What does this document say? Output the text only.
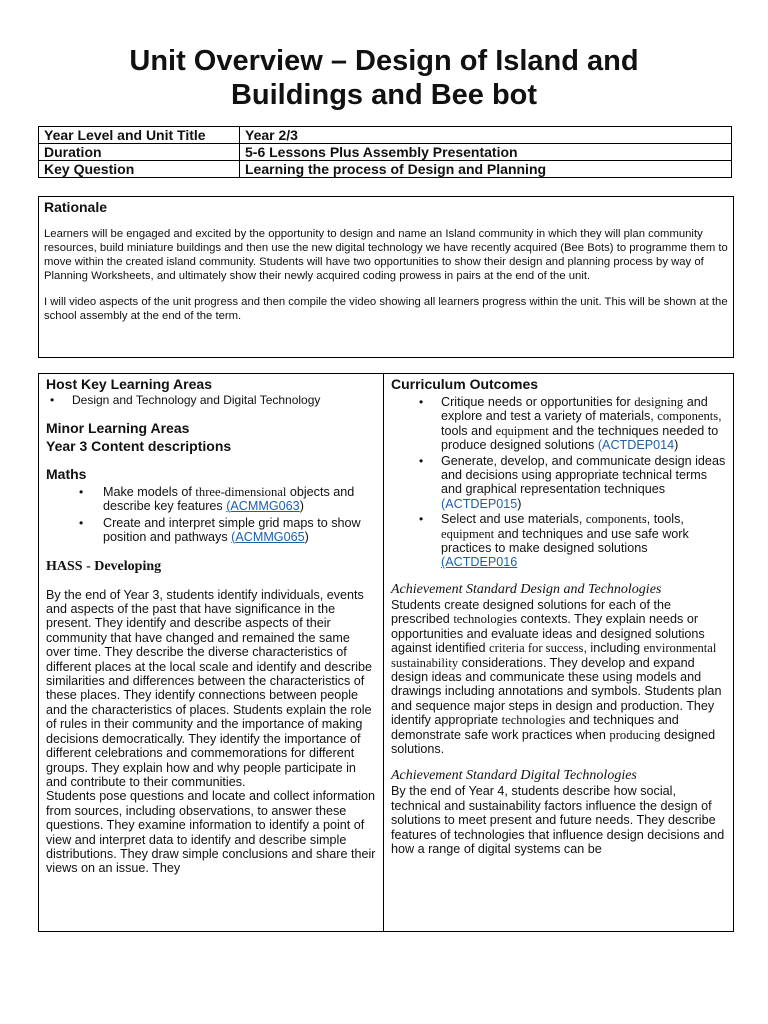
Unit Overview – Design of Island and
Buildings and Bee bot
Year Level and Unit Title	Year 2/3
Duration	5-6 Lessons Plus Assembly Presentation
Key Question	Learning the process of Design and Planning
Rationale

Learners will be engaged and excited by the opportunity to design and name an Island community in which they will plan community resources, build miniature buildings and then use the new digital technology we have recently acquired (Bee Bots) to programme them to move within the created island community. Students will have two opportunities to show their design and planning process by way of Planning Worksheets, and ultimately show their newly acquired coding prowess in pairs at the end of the unit.

I will video aspects of the unit progress and then compile the video showing all learners progress within the unit. This will be shown at the school assembly at the end of the term.

Host Key Learning Areas
• Design and Technology and Digital Technology
Minor Learning Areas
Year 3 Content descriptions
Maths
• Make models of three-dimensional objects and describe key features (ACMMG063)
• Create and interpret simple grid maps to show position and pathways (ACMMG065)
HASS - Developing
By the end of Year 3, students identify individuals, events and aspects of the past that have significance in the present. They identify and describe aspects of their community that have changed and remained the same over time. They describe the diverse characteristics of different places at the local scale and identify and describe similarities and differences between the characteristics of these places. They identify connections between people and the characteristics of places. Students explain the role of rules in their community and the importance of making decisions democratically. They identify the importance of different celebrations and commemorations for different groups. They explain how and why people participate in and contribute to their communities.
Students pose questions and locate and collect information from sources, including observations, to answer these questions. They examine information to identify a point of view and interpret data to identify and describe simple distributions. They draw simple conclusions and share their views on an issue. They
Curriculum Outcomes
• Critique needs or opportunities for designing and explore and test a variety of materials, components, tools and equipment and the techniques needed to produce designed solutions (ACTDEP014)
• Generate, develop, and communicate design ideas and decisions using appropriate technical terms and graphical representation techniques (ACTDEP015)
• Select and use materials, components, tools, equipment and techniques and use safe work practices to make designed solutions (ACTDEP016
Achievement Standard Design and Technologies
Students create designed solutions for each of the prescribed technologies contexts. They explain needs or opportunities and evaluate ideas and designed solutions against identified criteria for success, including environmental sustainability considerations. They develop and expand design ideas and communicate these using models and drawings including annotations and symbols. Students plan and sequence major steps in design and production. They identify appropriate technologies and techniques and demonstrate safe work practices when producing designed solutions.
Achievement Standard Digital Technologies
By the end of Year 4, students describe how social, technical and sustainability factors influence the design of solutions to meet present and future needs. They describe features of technologies that influence design decisions and how a range of digital systems can be
